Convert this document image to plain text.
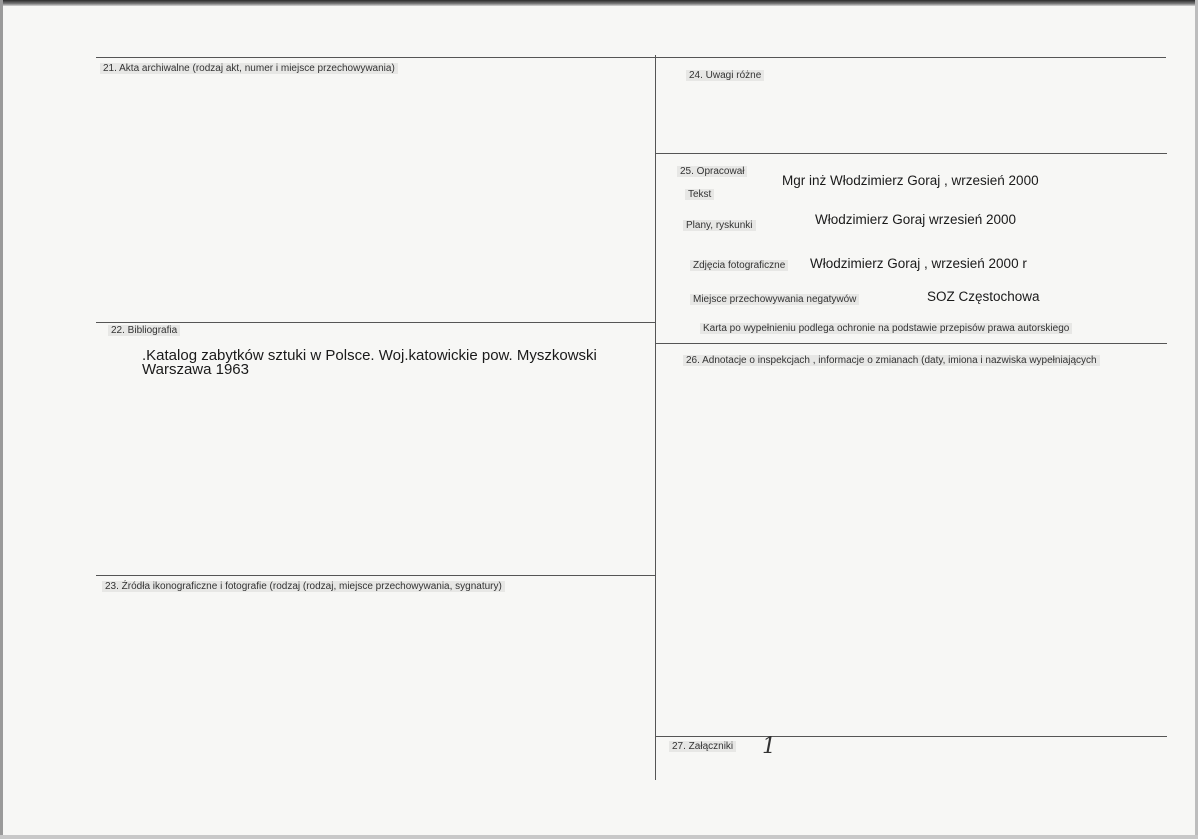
21. Akta archiwalne (rodzaj akt, numer i miejsce przechowywania)
22. Bibliografia
.Katalog zabytków sztuki w Polsce. Woj.katowickie pow. Myszkowski
Warszawa 1963
23. Źródła ikonograficzne i fotografie (rodzaj (rodzaj, miejsce przechowywania, sygnatury)
24. Uwagi różne
25. Opracował
Tekst
Mgr inż Włodzimierz Goraj , wrzesień 2000
Plany, ryskunki	Włodzimierz Goraj wrzesień 2000
Zdjęcia fotograficzne Włodzimierz Goraj , wrzesień 2000 r
Miejsce przechowywania negatywów	SOZ Częstochowa
Karta po wypełnieniu podlega ochronie na podstawie przepisów prawa autorskiego
26. Adnotacje o inspekcjach , informacje o zmianach (daty, imiona i nazwiska wypełniających
27. Załączniki 1
